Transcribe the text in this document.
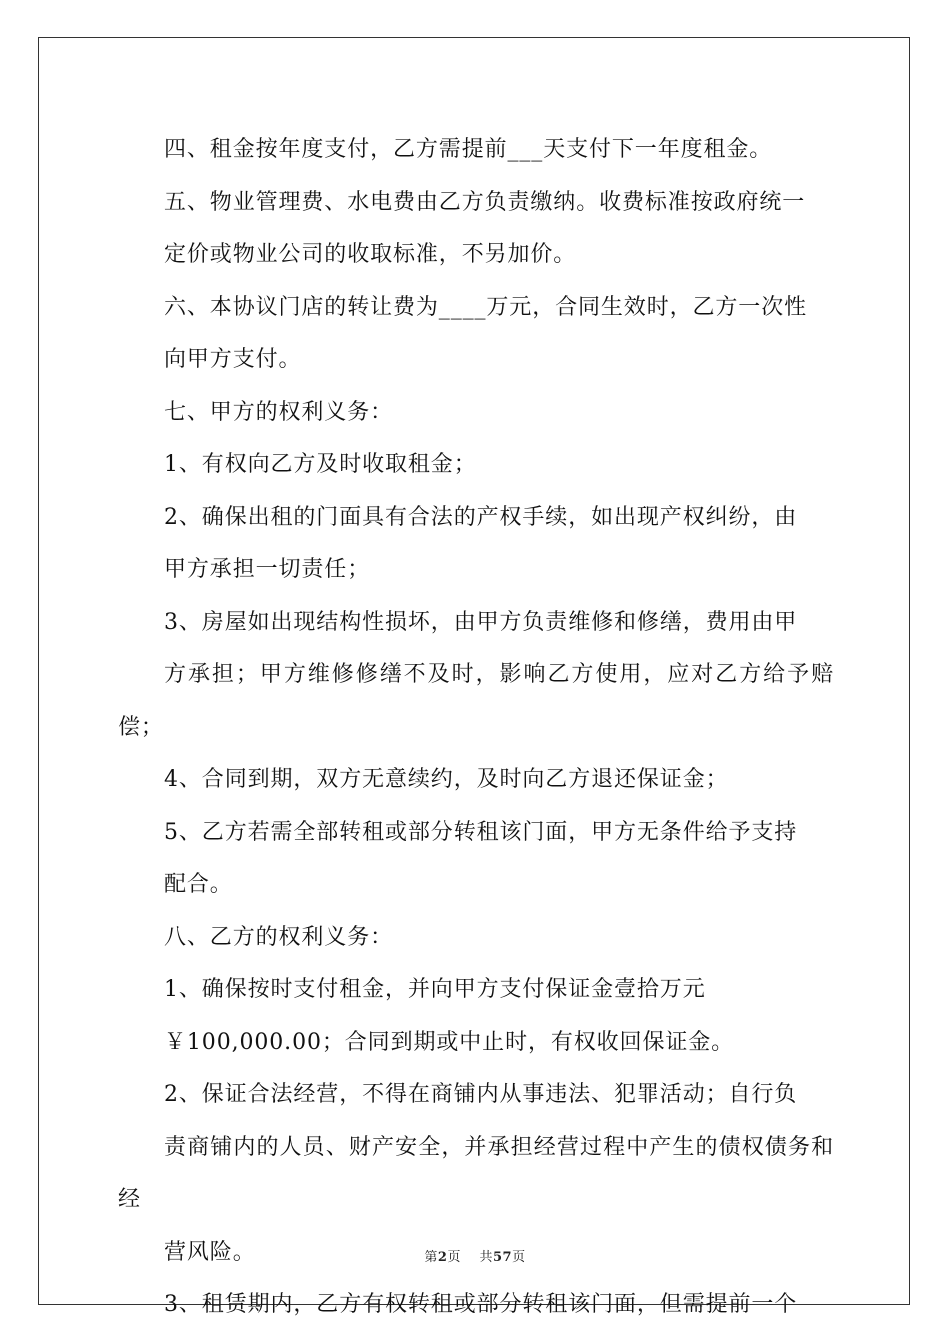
四、租金按年度支付，乙方需提前___天支付下一年度租金。

五、物业管理费、水电费由乙方负责缴纳。收费标准按政府统一
定价或物业公司的收取标准，不另加价。

六、本协议门店的转让费为____万元，合同生效时，乙方一次性
向甲方支付。

七、甲方的权利义务：

1、有权向乙方及时收取租金；

2、确保出租的门面具有合法的产权手续，如出现产权纠纷，由
甲方承担一切责任；

3、房屋如出现结构性损坏，由甲方负责维修和修缮，费用由甲
方承担；甲方维修修缮不及时，影响乙方使用，应对乙方给予赔偿；

4、合同到期，双方无意续约，及时向乙方退还保证金；

5、乙方若需全部转租或部分转租该门面，甲方无条件给予支持
配合。

八、乙方的权利义务：

1、确保按时支付租金，并向甲方支付保证金壹拾万元
￥100,000.00；合同到期或中止时，有权收回保证金。

2、保证合法经营，不得在商铺内从事违法、犯罪活动；自行负
责商铺内的人员、财产安全，并承担经营过程中产生的债权债务和经
营风险。

3、租赁期内，乙方有权转租或部分转租该门面，但需提前一个

第2页 共57页
